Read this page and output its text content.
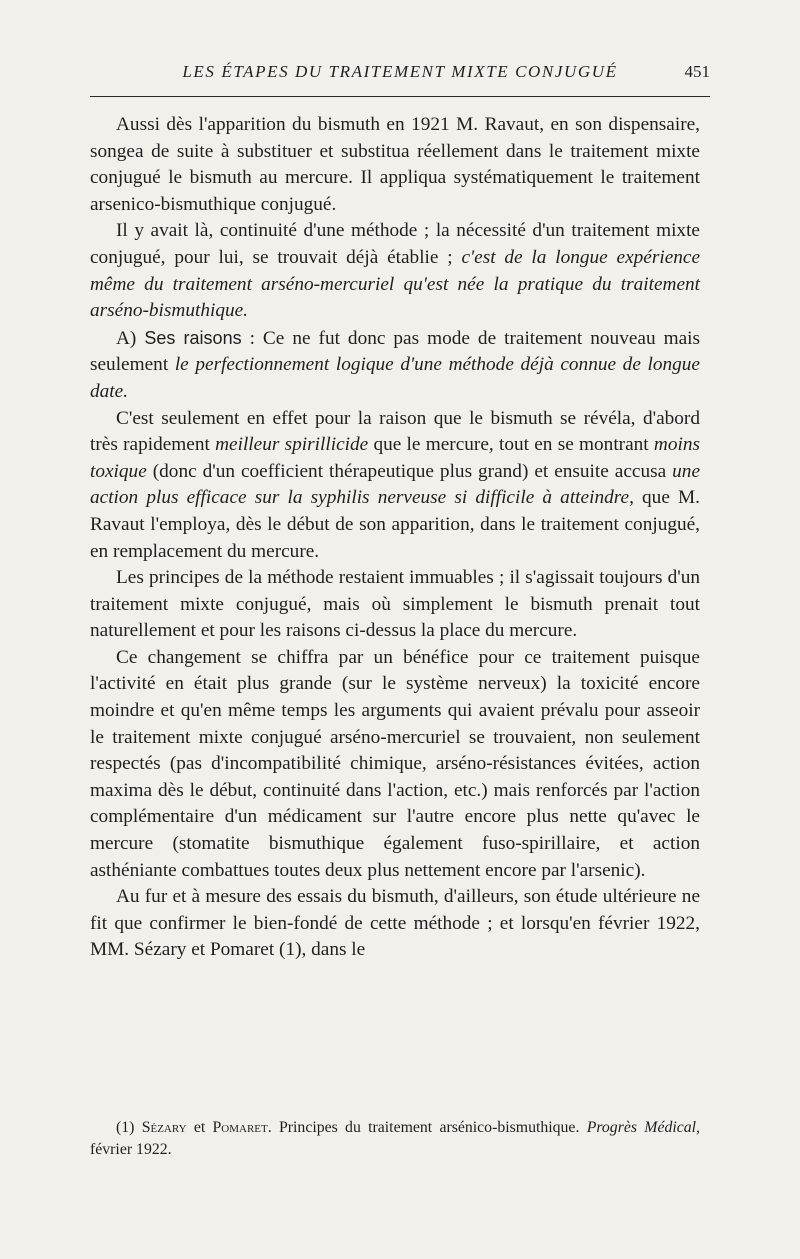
LES ÉTAPES DU TRAITEMENT MIXTE CONJUGUÉ	451

Aussi dès l'apparition du bismuth en 1921 M. Ravaut, en son dispensaire, songea de suite à substituer et substitua réellement dans le traitement mixte conjugué le bismuth au mercure. Il appliqua systématiquement le traitement arsenico-bismuthique conjugué.

Il y avait là, continuité d'une méthode ; la nécessité d'un traitement mixte conjugué, pour lui, se trouvait déjà établie ; c'est de la longue expérience même du traitement arséno-mercuriel qu'est née la pratique du traitement arséno-bismuthique.

A) Ses raisons : Ce ne fut donc pas mode de traitement nouveau mais seulement le perfectionnement logique d'une méthode déjà connue de longue date.

C'est seulement en effet pour la raison que le bismuth se révéla, d'abord très rapidement meilleur spirillicide que le mercure, tout en se montrant moins toxique (donc d'un coefficient thérapeutique plus grand) et ensuite accusa une action plus efficace sur la syphilis nerveuse si difficile à atteindre, que M. Ravaut l'employa, dès le début de son apparition, dans le traitement conjugué, en remplacement du mercure.

Les principes de la méthode restaient immuables ; il s'agissait toujours d'un traitement mixte conjugué, mais où simplement le bismuth prenait tout naturellement et pour les raisons ci-dessus la place du mercure.

Ce changement se chiffra par un bénéfice pour ce traitement puisque l'activité en était plus grande (sur le système nerveux) la toxicité encore moindre et qu'en même temps les arguments qui avaient prévalu pour asseoir le traitement mixte conjugué arséno-mercuriel se trouvaient, non seulement respectés (pas d'incompatibilité chimique, arséno-résistances évitées, action maxima dès le début, continuité dans l'action, etc.) mais renforcés par l'action complémentaire d'un médicament sur l'autre encore plus nette qu'avec le mercure (stomatite bismuthique également fuso-spirillaire, et action asthéniante combattues toutes deux plus nettement encore par l'arsenic).

Au fur et à mesure des essais du bismuth, d'ailleurs, son étude ultérieure ne fit que confirmer le bien-fondé de cette méthode ; et lorsqu'en février 1922, MM. Sézary et Pomaret (1), dans le

(1) Sézary et Pomaret. Principes du traitement arsénico-bismuthique. Progrès Médical, février 1922.
